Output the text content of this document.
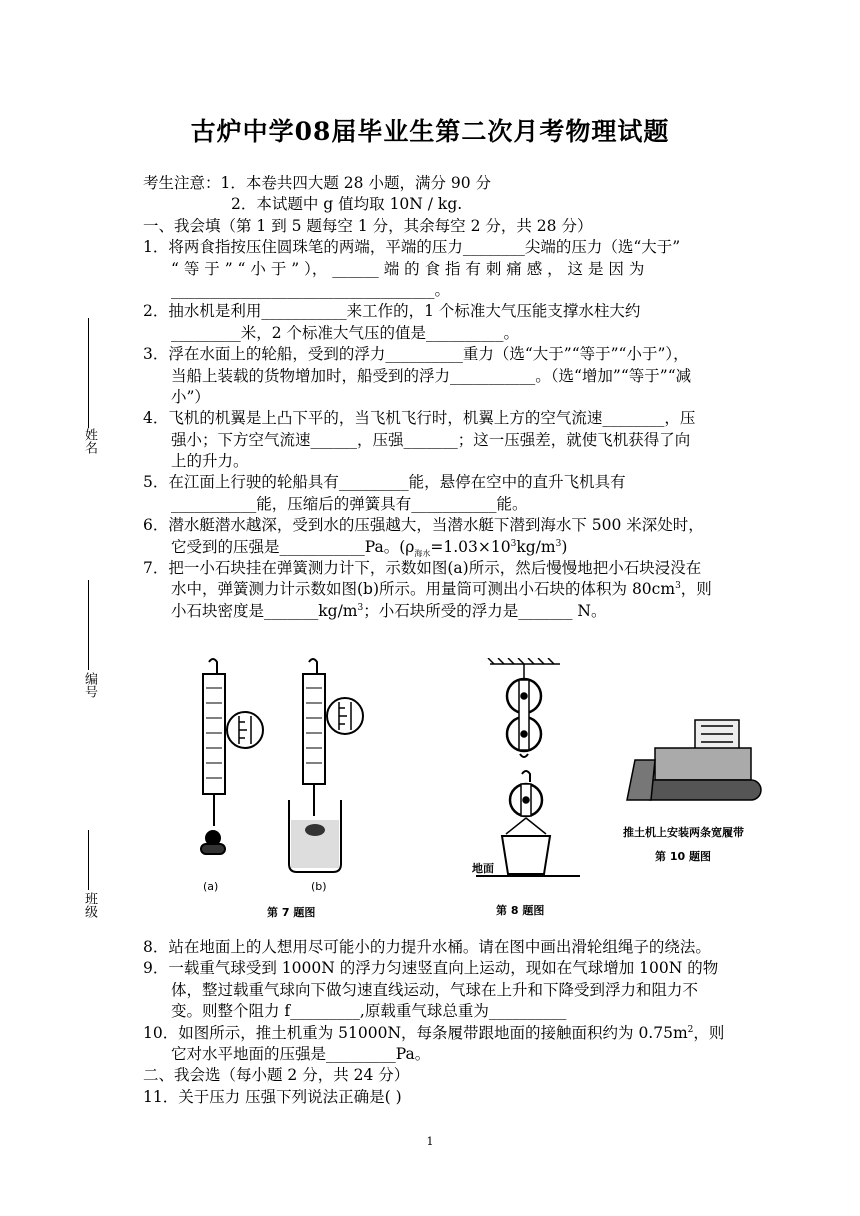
古炉中学08届毕业生第二次月考物理试题
考生注意：1．本卷共四大题 28 小题，满分 90 分
2．本试题中 g 值均取 10N / kg.
一、我会填（第 1 到 5 题每空 1 分，其余每空 2 分，共 28 分）
1．将两食指按压住圆珠笔的两端，平端的压力________尖端的压力（选“大于”
“ 等 于 ” “ 小 于 ” ）， ______ 端 的 食 指 有 刺 痛 感 ， 这 是 因 为
__________________________________。
2．抽水机是利用___________来工作的，1 个标准大气压能支撑水柱大约
_________米，2 个标准大气压的值是__________。
3．浮在水面上的轮船，受到的浮力__________重力（选“大于”“等于”“小于”），
当船上装载的货物增加时，船受到的浮力___________。（选“增加”“等于”“减
小”）
4．飞机的机翼是上凸下平的，当飞机飞行时，机翼上方的空气流速________，压
强小；下方空气流速______，压强_______；这一压强差，就使飞机获得了向
上的升力。
5．在江面上行驶的轮船具有_________能，悬停在空中的直升飞机具有
___________能，压缩后的弹簧具有___________能。
6．潜水艇潜水越深，受到水的压强越大，当潜水艇下潜到海水下 500 米深处时，
它受到的压强是___________Pa。$(\rho_{海水}=1.03\times 10^3kg/m^3)$
7．把一小石块挂在弹簧测力计下，示数如图(a)所示，然后慢慢地把小石块浸没在
水中，弹簧测力计示数如图(b)所示。用量筒可测出小石块的体积为 $80cm^3$，则
小石块密度是$\_\_\_\_\_\_\_kg/m^3$；小石块所受的浮力是_______ N。
(a)	(b)
第 7 题图
地面
第 8 题图
推土机上安装两条宽履带
第 10 题图
8．站在地面上的人想用尽可能小的力提升水桶。请在图中画出滑轮组绳子的绕法。
9．一载重气球受到 1000N 的浮力匀速竖直向上运动，现如在气球增加 100N 的物
体，整过载重气球向下做匀速直线运动，气球在上升和下降受到浮力和阻力不
变。则整个阻力 f_________,原载重气球总重为__________
10．如图所示，推土机重为 51000N，每条履带跟地面的接触面积约为 $0.75m^2$，则
它对水平地面的压强是_________Pa。
二、我会选（每小题 2 分，共 24 分）
11．关于压力 压强下列说法正确是( )
姓名
编号
班级
1
